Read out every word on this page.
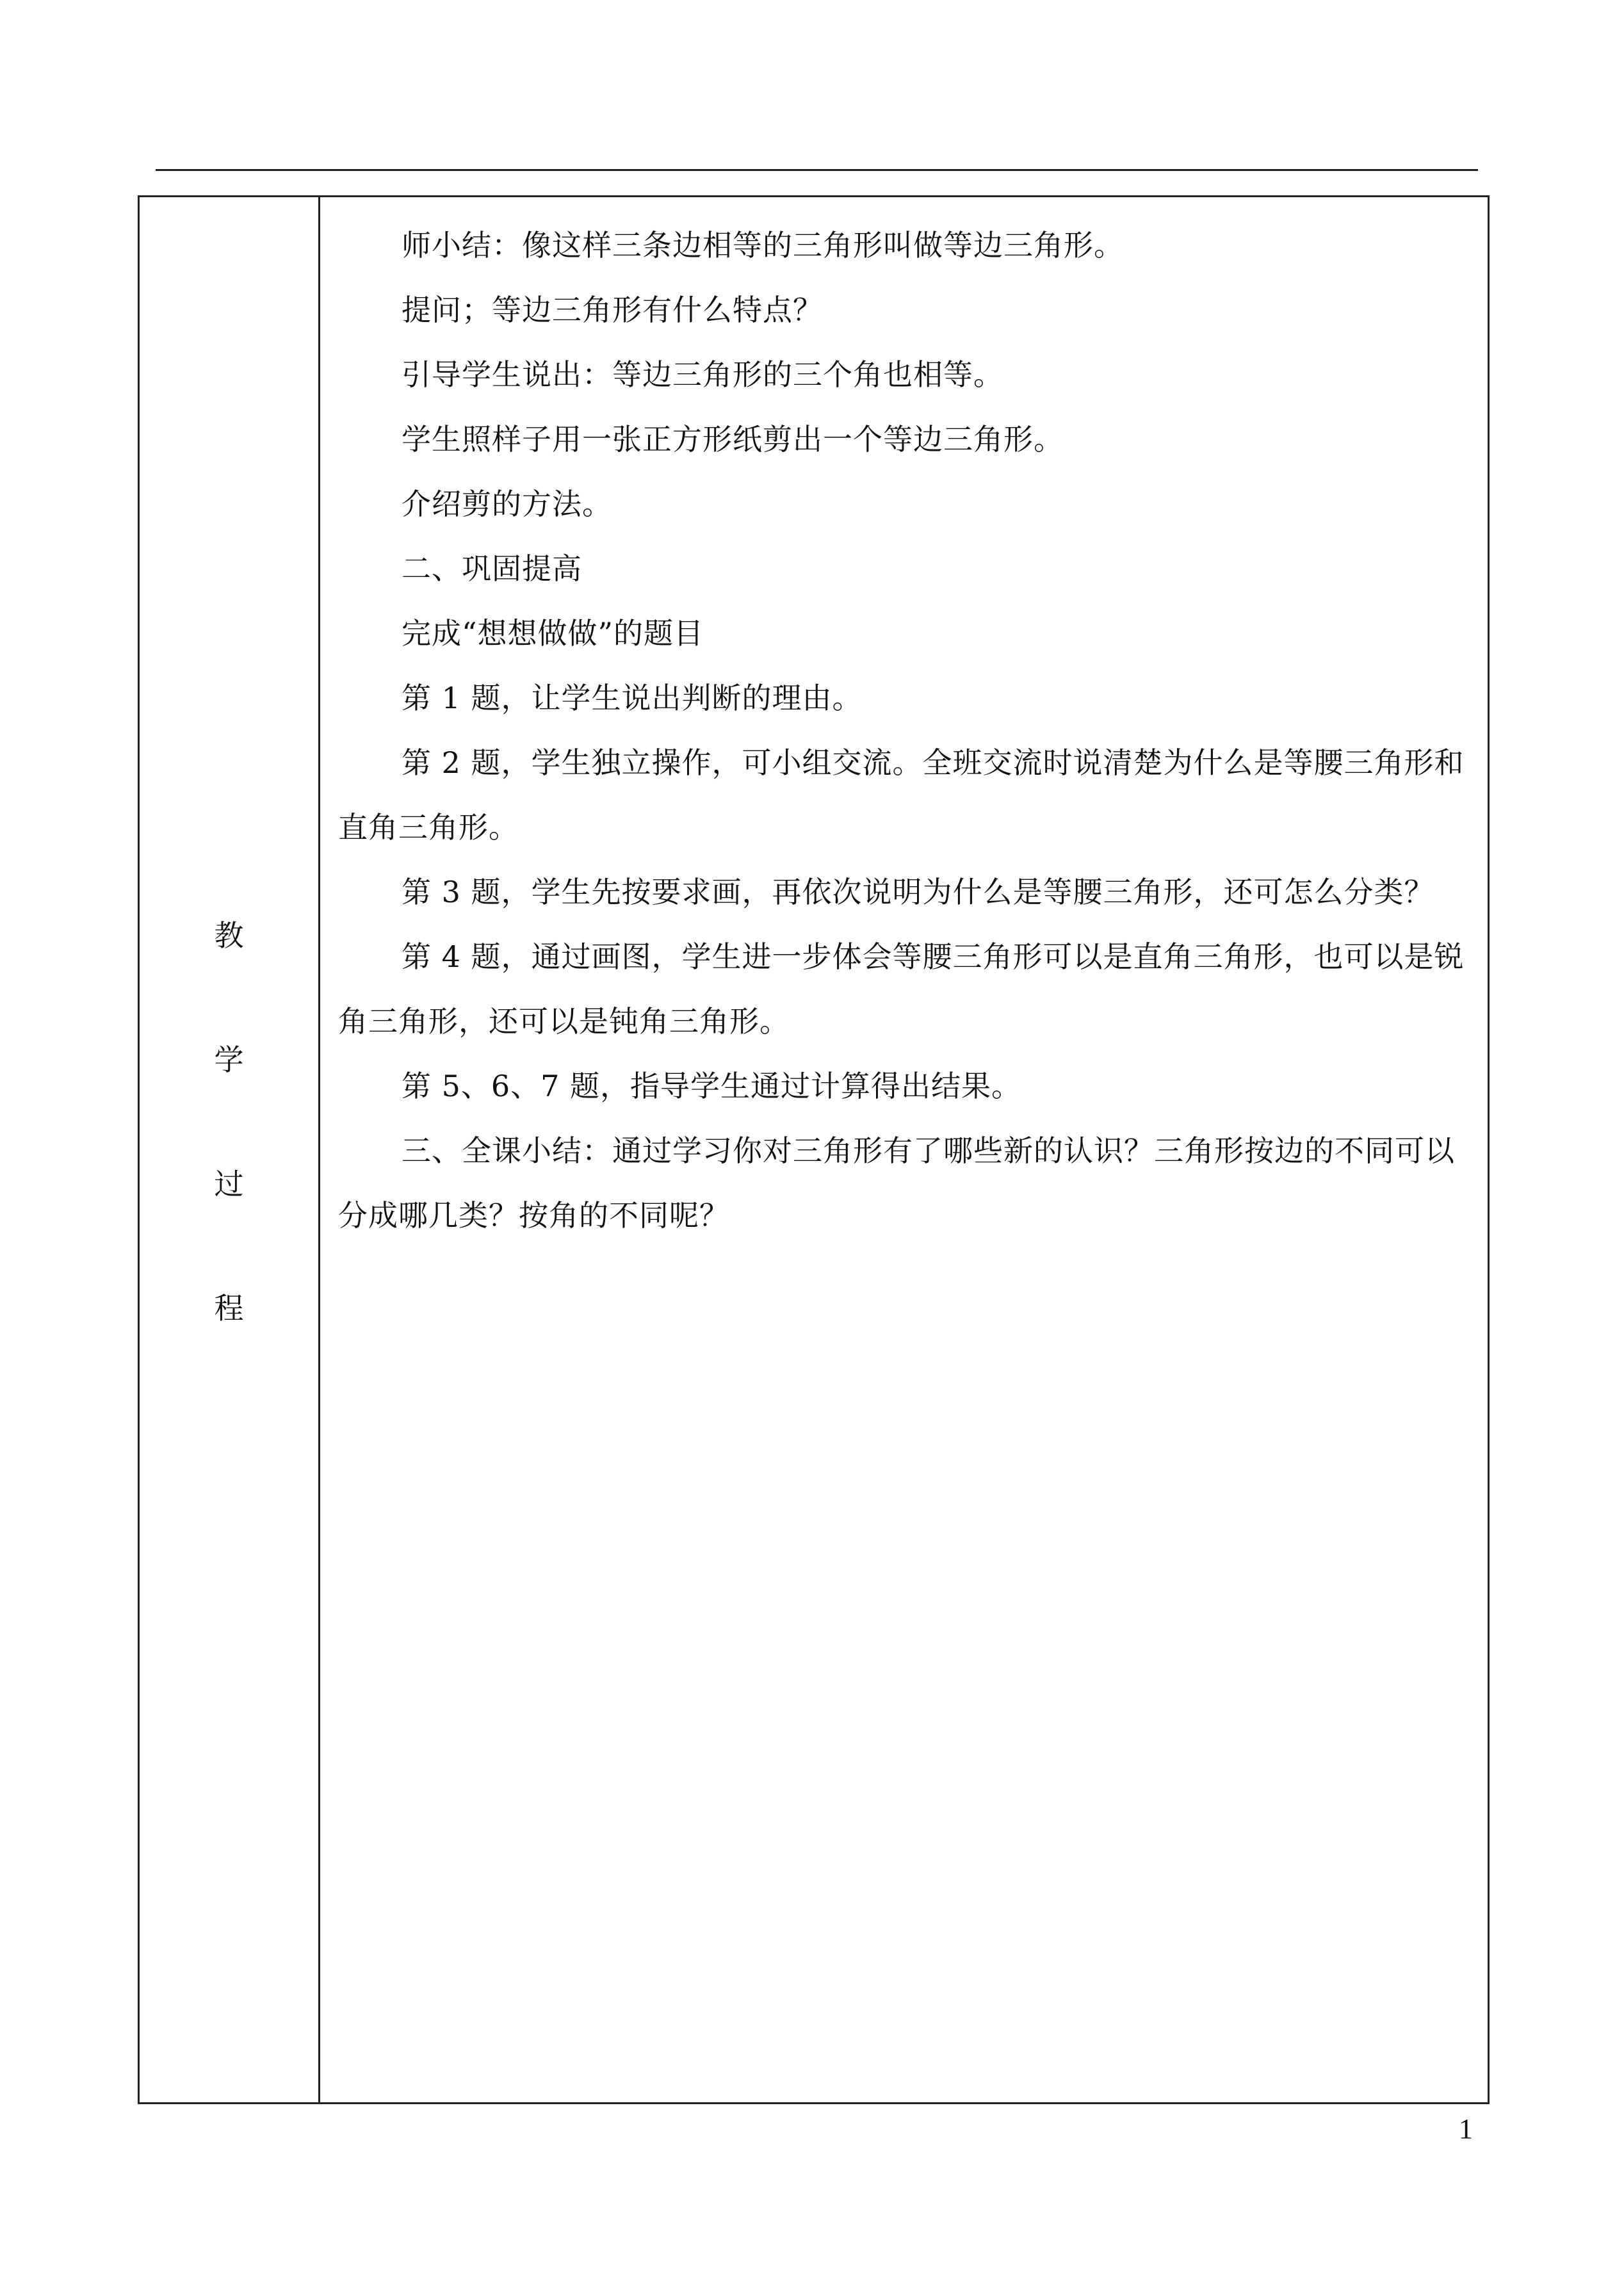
教
学
过
程

师小结：像这样三条边相等的三角形叫做等边三角形。

提问；等边三角形有什么特点？

引导学生说出：等边三角形的三个角也相等。

学生照样子用一张正方形纸剪出一个等边三角形。

介绍剪的方法。

二、巩固提高

完成“想想做做”的题目

第 1 题，让学生说出判断的理由。

第 2 题，学生独立操作，可小组交流。全班交流时说清楚为什么是等腰三角形和直角三角形。

第 3 题，学生先按要求画，再依次说明为什么是等腰三角形，还可怎么分类？

第 4 题，通过画图，学生进一步体会等腰三角形可以是直角三角形，也可以是锐角三角形，还可以是钝角三角形。

第 5、6、7 题，指导学生通过计算得出结果。

三、全课小结：通过学习你对三角形有了哪些新的认识？三角形按边的不同可以分成哪几类？按角的不同呢？

1
